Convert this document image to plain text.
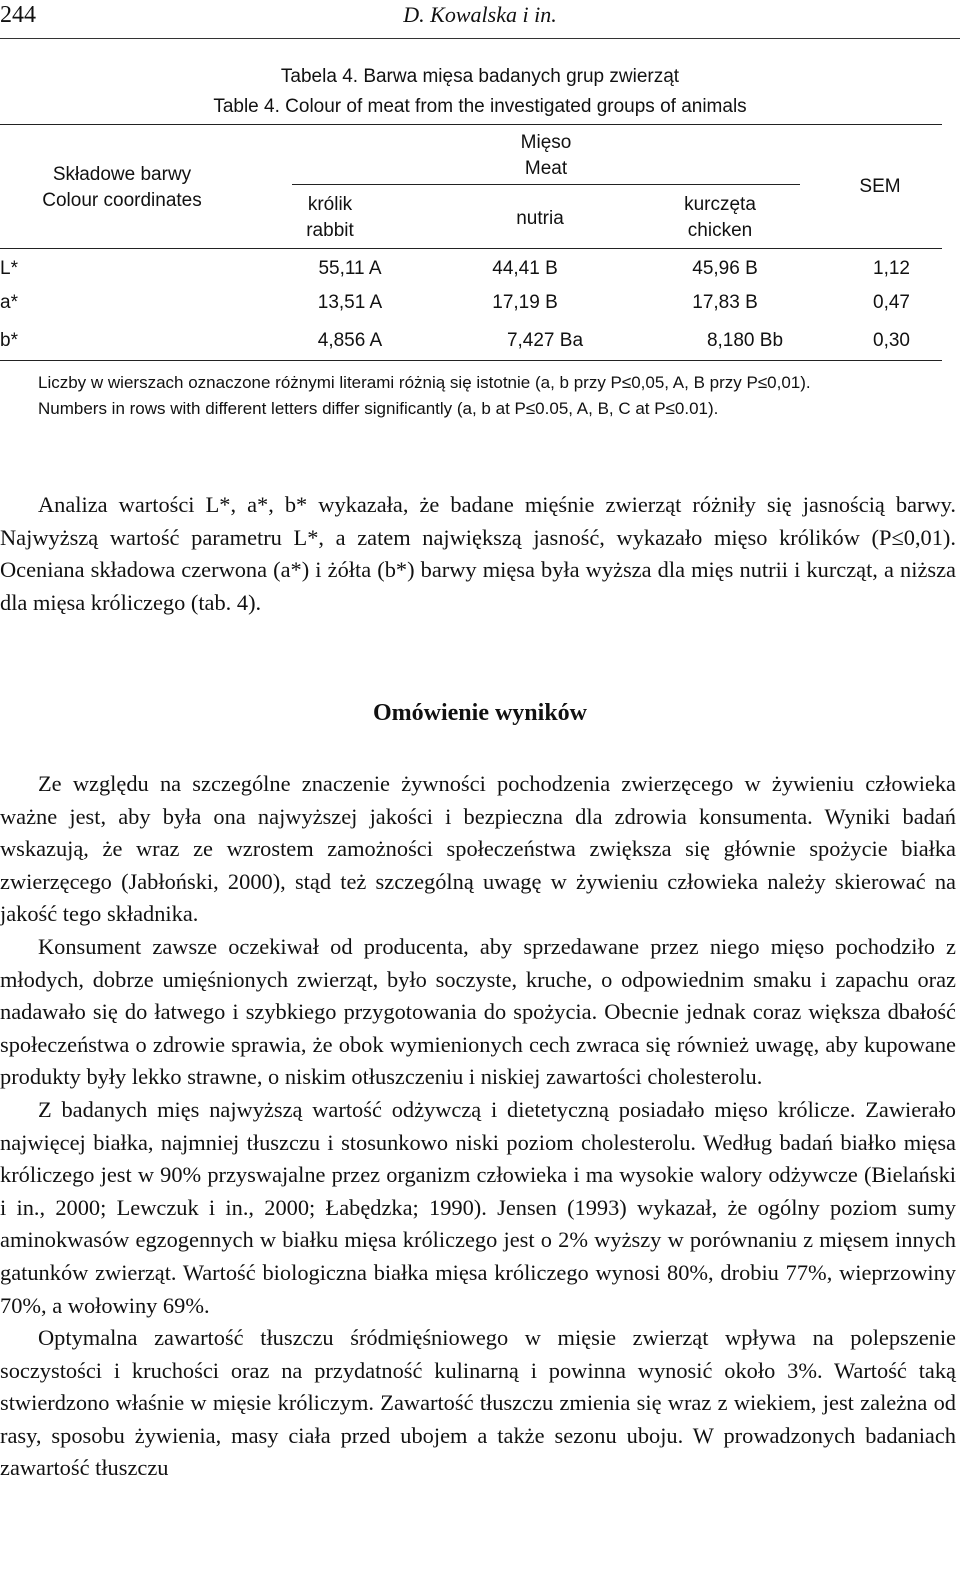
244	D. Kowalska i in.
Tabela 4. Barwa mięsa badanych grup zwierząt
Table 4. Colour of meat from the investigated groups of animals
Składowe barwy
Colour coordinates
Mięso
Meat
królik
rabbit
nutria
kurczęta
chicken
SEM
L*	55,11 A	44,41 B	45,96 B	1,12
a*	13,51 A	17,19 B	17,83 B	0,47
b*	4,856 A	7,427 Ba	8,180 Bb	0,30
Liczby w wierszach oznaczone różnymi literami różnią się istotnie (a, b przy P≤0,05, A, B przy P≤0,01).
Numbers in rows with different letters differ significantly (a, b at P≤0.05, A, B, C at P≤0.01).

Analiza wartości L*, a*, b* wykazała, że badane mięśnie zwierząt różniły się jasnością barwy. Najwyższą wartość parametru L*, a zatem największą jasność, wykazało mięso królików (P≤0,01). Oceniana składowa czerwona (a*) i żółta (b*) barwy mięsa była wyższa dla mięs nutrii i kurcząt, a niższa dla mięsa króliczego (tab. 4).

Omówienie wyników

Ze względu na szczególne znaczenie żywności pochodzenia zwierzęcego w żywieniu człowieka ważne jest, aby była ona najwyższej jakości i bezpieczna dla zdrowia konsumenta. Wyniki badań wskazują, że wraz ze wzrostem zamożności społeczeństwa zwiększa się głównie spożycie białka zwierzęcego (Jabłoński, 2000), stąd też szczególną uwagę w żywieniu człowieka należy skierować na jakość tego składnika.

Konsument zawsze oczekiwał od producenta, aby sprzedawane przez niego mięso pochodziło z młodych, dobrze umięśnionych zwierząt, było soczyste, kruche, o odpowiednim smaku i zapachu oraz nadawało się do łatwego i szybkiego przygotowania do spożycia. Obecnie jednak coraz większa dbałość społeczeństwa o zdrowie sprawia, że obok wymienionych cech zwraca się również uwagę, aby kupowane produkty były lekko strawne, o niskim otłuszczeniu i niskiej zawartości cholesterolu.

Z badanych mięs najwyższą wartość odżywczą i dietetyczną posiadało mięso królicze. Zawierało najwięcej białka, najmniej tłuszczu i stosunkowo niski poziom cholesterolu. Według badań białko mięsa króliczego jest w 90% przyswajalne przez organizm człowieka i ma wysokie walory odżywcze (Bielański i in., 2000; Lewczuk i in., 2000; Łabędzka; 1990). Jensen (1993) wykazał, że ogólny poziom sumy aminokwasów egzogennych w białku mięsa króliczego jest o 2% wyższy w porównaniu z mięsem innych gatunków zwierząt. Wartość biologiczna białka mięsa króliczego wynosi 80%, drobiu 77%, wieprzowiny 70%, a wołowiny 69%.

Optymalna zawartość tłuszczu śródmięśniowego w mięsie zwierząt wpływa na polepszenie soczystości i kruchości oraz na przydatność kulinarną i powinna wynosić około 3%. Wartość taką stwierdzono właśnie w mięsie króliczym. Zawartość tłuszczu zmienia się wraz z wiekiem, jest zależna od rasy, sposobu żywienia, masy ciała przed ubojem a także sezonu uboju. W prowadzonych badaniach zawartość tłuszczu
